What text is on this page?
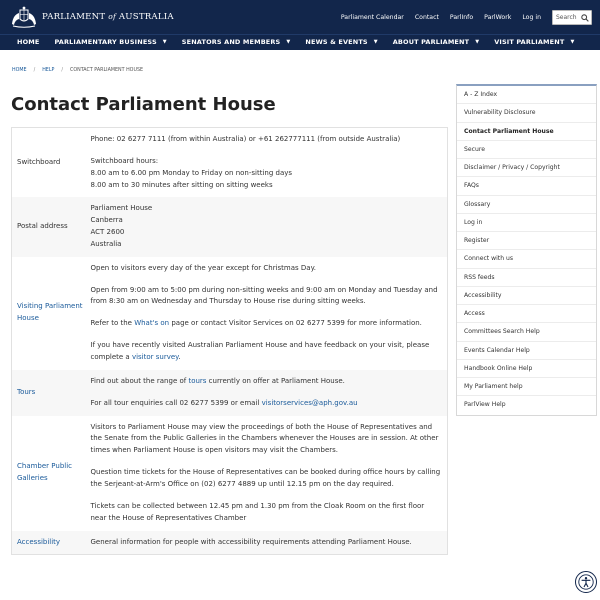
PARLIAMENT of AUSTRALIA	Parliament Calendar Contact ParlInfo ParlWork Log in
Search
HOME PARLIAMENTARY BUSINESS ▼ SENATORS AND MEMBERS ▼ NEWS & EVENTS ▼ ABOUT PARLIAMENT ▼ VISIT PARLIAMENT ▼
HOME / HELP / CONTACT PARLIAMENT HOUSE
Contact Parliament House
Switchboard	Phone: 02 6277 7111 (from within Australia) or +61 262777111 (from outside Australia)

Switchboard hours:
8.00 am to 6.00 pm Monday to Friday on non-sitting days
8.00 am to 30 minutes after sitting on sitting weeks

Postal address	Parliament House
Canberra
ACT 2600
Australia

Visiting Parliament House	Open to visitors every day of the year except for Christmas Day.

Open from 9:00 am to 5:00 pm during non-sitting weeks and 9:00 am on Monday and Tuesday and from 8:30 am on Wednesday and Thursday to House rise during sitting weeks.

Refer to the What's on page or contact Visitor Services on 02 6277 5399 for more information.

If you have recently visited Australian Parliament House and have feedback on your visit, please complete a visitor survey.

Tours	Find out about the range of tours currently on offer at Parliament House.

For all tour enquiries call 02 6277 5399 or email visitorservices@aph.gov.au

Chamber Public Galleries	Visitors to Parliament House may view the proceedings of both the House of Representatives and the Senate from the Public Galleries in the Chambers whenever the Houses are in session. At other times when Parliament House is open visitors may visit the Chambers.

Question time tickets for the House of Representatives can be booked during office hours by calling the Serjeant-at-Arm's Office on (02) 6277 4889 up until 12.15 pm on the day required.

Tickets can be collected between 12.45 pm and 1.30 pm from the Cloak Room on the first floor near the House of Representatives Chamber

Accessibility	General information for people with accessibility requirements attending Parliament House.
A - Z Index
Vulnerability Disclosure
Contact Parliament House
Secure
Disclaimer / Privacy / Copyright
FAQs
Glossary
Log in
Register
Connect with us
RSS feeds
Accessibility
Access
Committees Search Help
Events Calendar Help
Handbook Online Help
My Parliament help
ParlView Help
